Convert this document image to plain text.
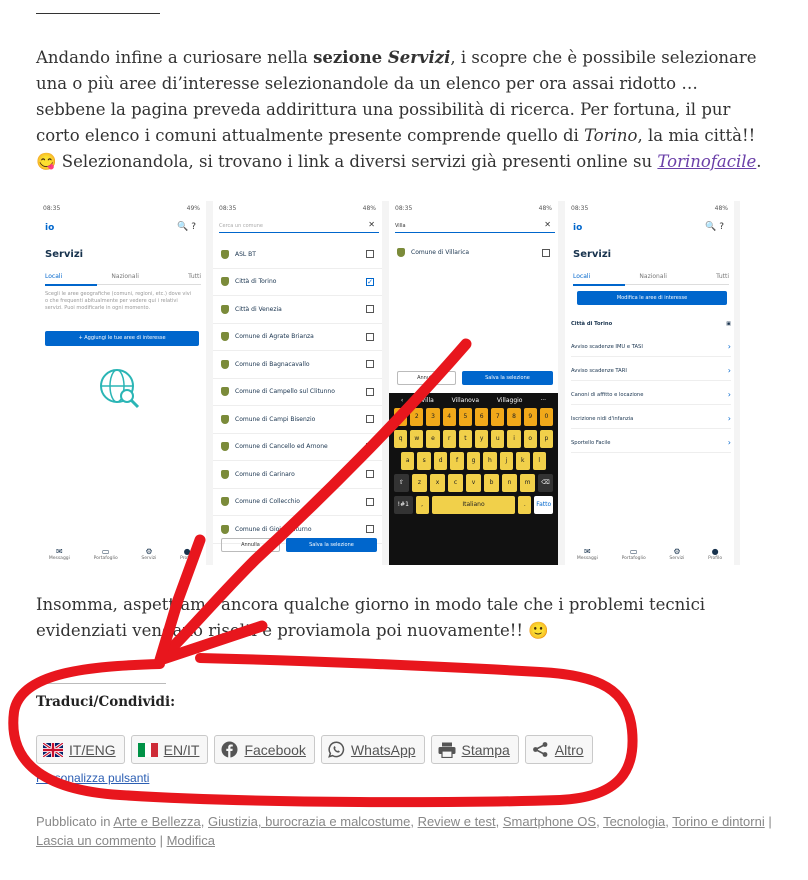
Andando infine a curiosare nella sezione Servizi, i scopre che è possibile selezionare una o più aree di’interesse selezionandole da un elenco per ora assai ridotto … sebbene la pagina preveda addirittura una possibilità di ricerca. Per fortuna, il pur corto elenco i comuni attualmente presente comprende quello di Torino, la mia città!! 😋 Selezionandola, si trovano i link a diversi servizi già presenti online su Torinofacile.

08:35	49%
io	🔍 ?
Servizi
Locali	Nazionali	Tutti
Scegli le aree geografiche (comuni, regioni, etc.) dove vivi o che frequenti abitualmente per vedere qui i relativi servizi. Puoi modificarle in ogni momento.
+ Aggiungi le tue aree di interesse
✉
Messaggi
▭
Portafoglio
⚙
Servizi
●
Profilo
08:35	48%
Cerca un comune	✕
ASL BT
Città di Torino	✓
Città di Venezia
Comune di Agrate Brianza
Comune di Bagnacavallo
Comune di Campello sul Clitunno
Comune di Campi Bisenzio
Comune di Cancello ed Arnone
Comune di Carinaro
Comune di Collecchio
Comune di Gioia Volturno
Annulla	Salva la selezione
08:35	48%
Villa	✕
Comune di Villarica
Annulla	Salva la selezione
‹	Villa	Villanova	Villaggio	···
1	2	3	4	5	6	7	8	9	0
q	w	e	r	t	y	u	i	o	p
a	s	d	f	g	h	j	k	l
⇧	z	x	c	v	b	n	m	⌫
!#1	,	Italiano	.	Fatto
08:35	48%
io	🔍 ?
Servizi
Locali	Nazionali	Tutti
Modifica le aree di interesse
Città di Torino	▣
Avviso scadenze IMU e TASI	›
Avviso scadenze TARI	›
Canoni di affitto e locazione	›
Iscrizione nidi d'infanzia	›
Sportello Facile	›
✉
Messaggi
▭
Portafoglio
⚙
Servizi
●
Profilo

Insomma, aspettiamo ancora qualche giorno in modo tale che i problemi tecnici evidenziati vengano risolti e proviamola poi nuovamente!! 🙂

Traduci/Condividi:
IT/ENG	EN/IT	Facebook	WhatsApp	Stampa	Altro
Personalizza pulsanti
Pubblicato in Arte e Bellezza, Giustizia, burocrazia e malcostume, Review e test, Smartphone OS, Tecnologia, Torino e dintorni | Lascia un commento | Modifica
